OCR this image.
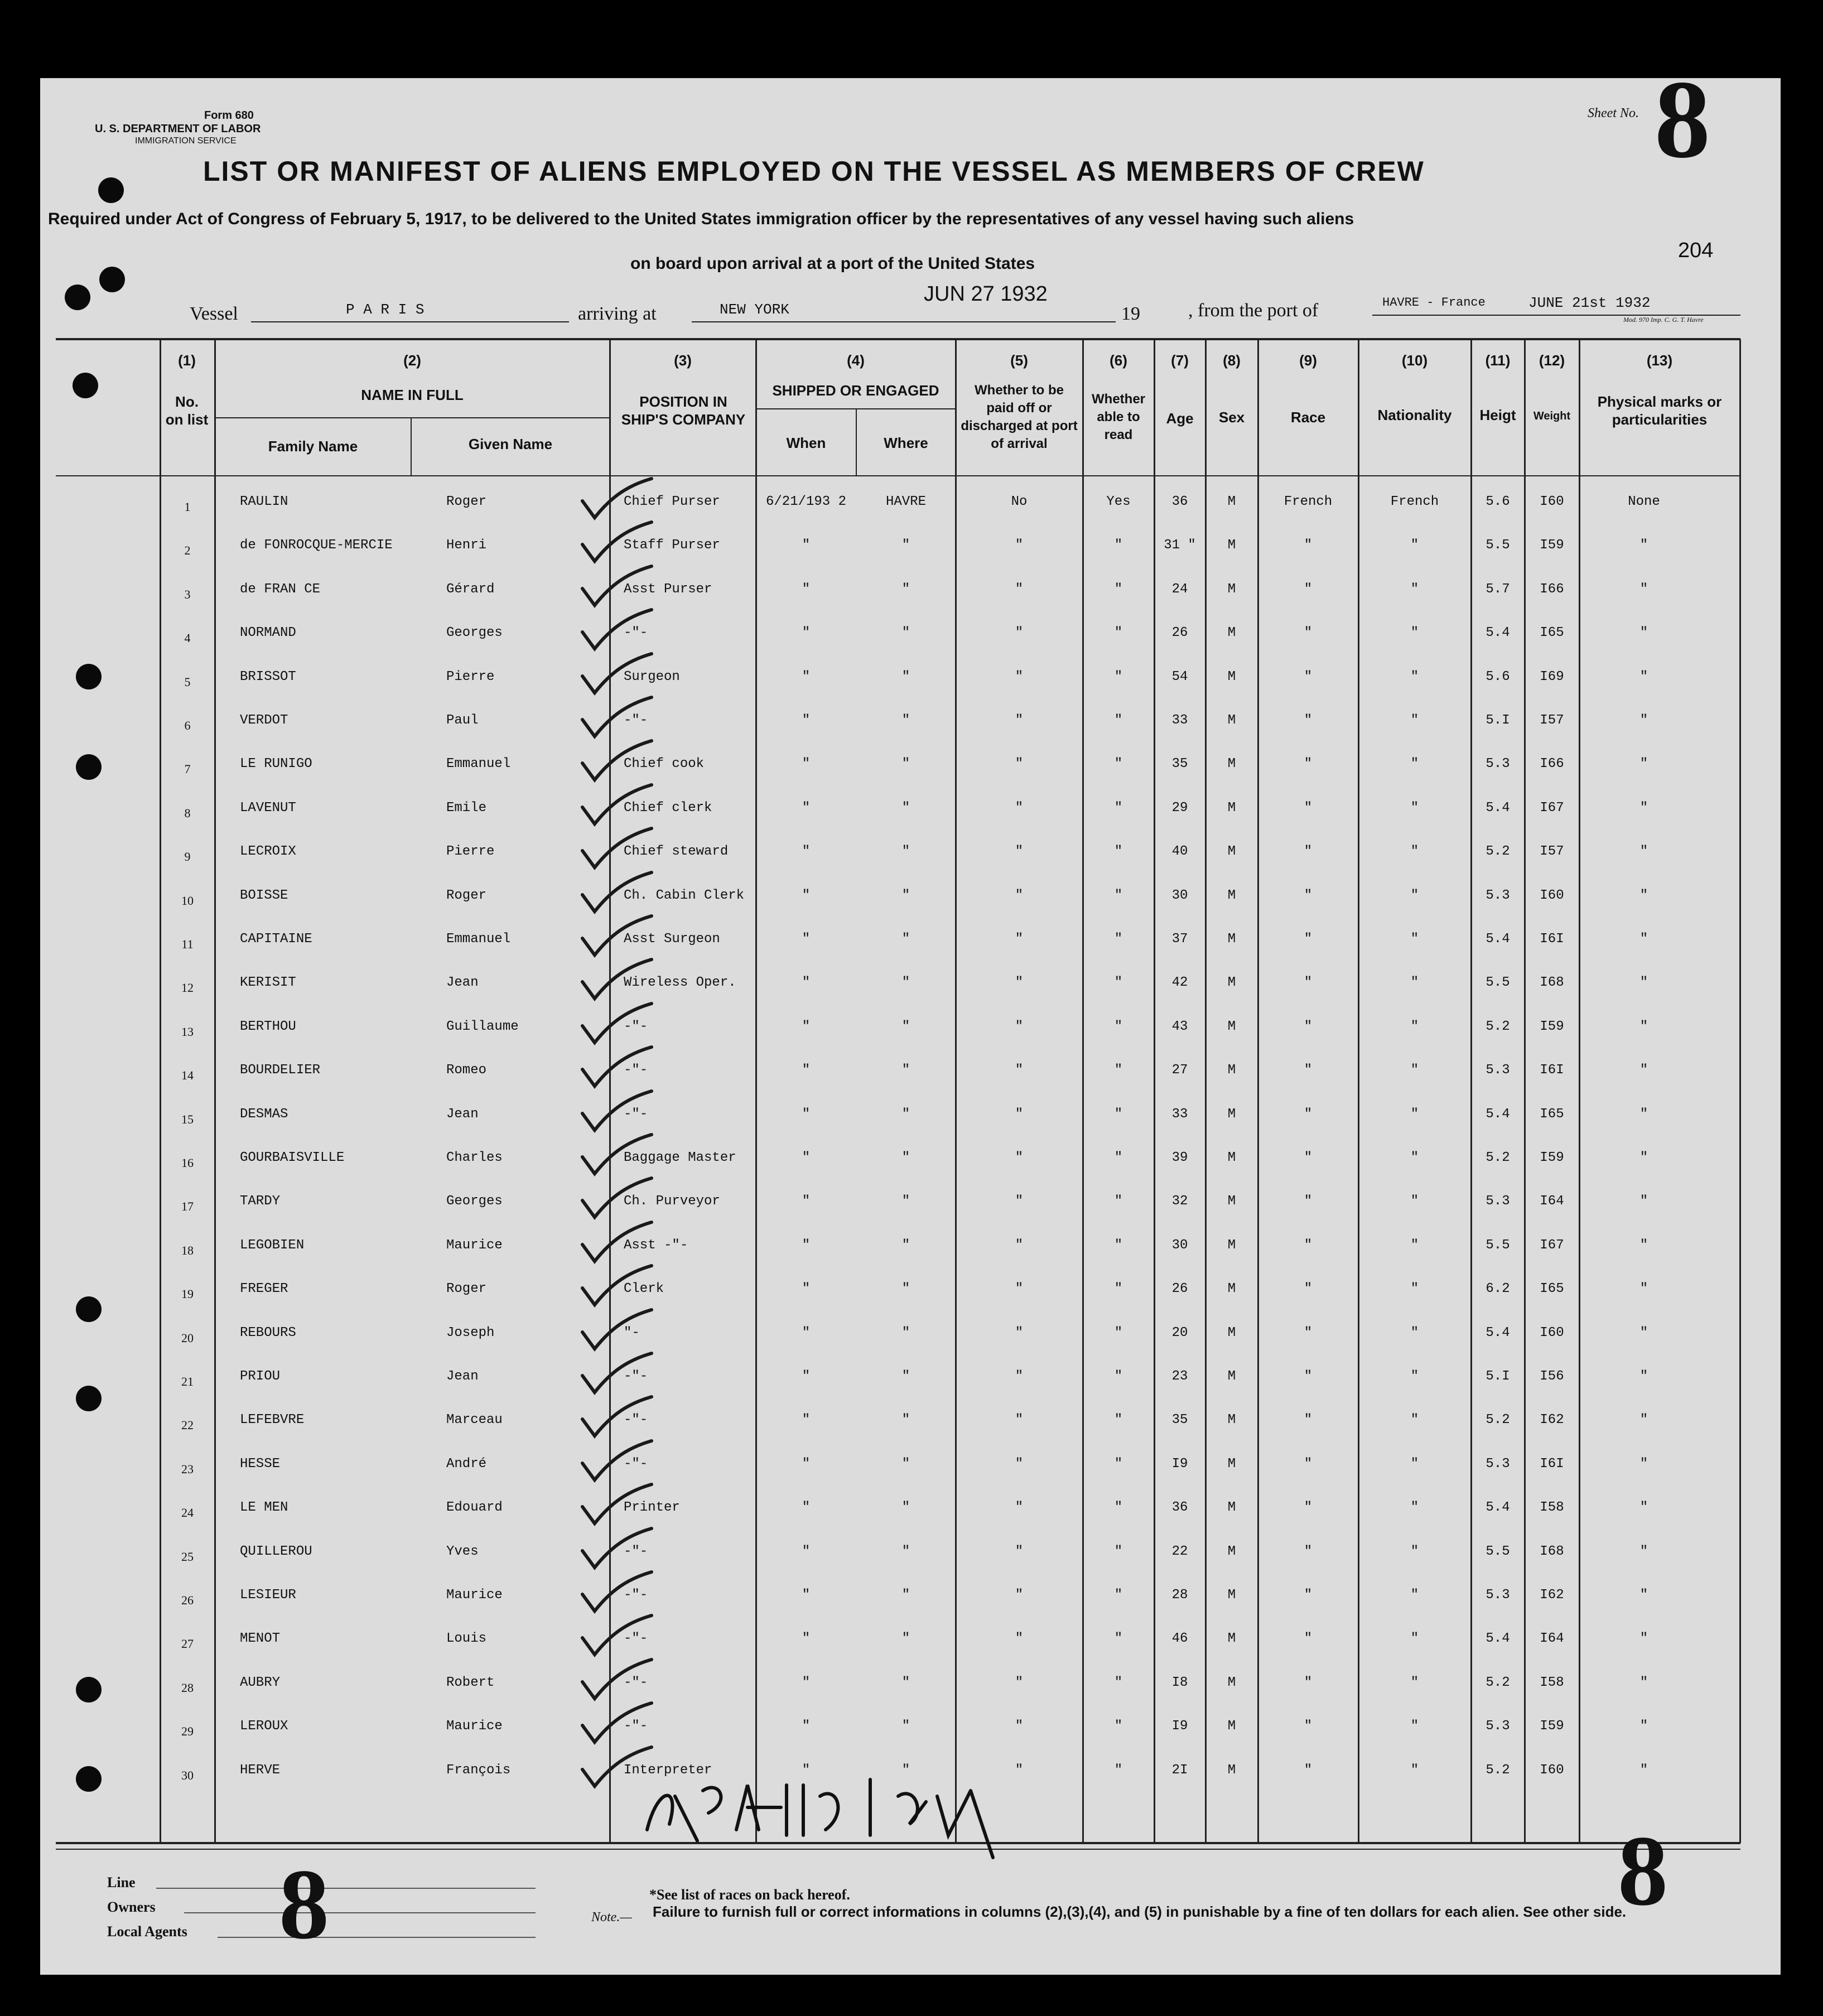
Form 680
U. S. DEPARTMENT OF LABOR
IMMIGRATION SERVICE
Sheet No. 8
LIST OR MANIFEST OF ALIENS EMPLOYED ON THE VESSEL AS MEMBERS OF CREW
Required under Act of Congress of February 5, 1917, to be delivered to the United States immigration officer by the representatives of any vessel having such aliens
on board upon arrival at a port of the United States
204
Vessel	P A R I S	arriving at	NEW YORK
JUN 27 1932
19	, from the port of	HAVRE - France	JUNE 21st 1932
Mod. 970 Imp. C. G. T. Havre
(1)
No. on list
(2)
NAME IN FULL
Family Name	Given Name
(3)
POSITION IN SHIP'S COMPANY
(4)
SHIPPED OR ENGAGED
When	Where
(5)
Whether to be paid off or discharged at port of arrival
(6)
Whether able to read
(7)
Age
(8)
Sex
(9)
Race
(10)
Nationality
(11)
Heigt
(12)
Weight
(13)
Physical marks or particularities
1	RAULIN	Roger	Chief Purser	6/21/193 2	HAVRE	No	Yes	36	M	French	French	5.6	I60	None
2	de FONROCQUE-MERCIE	Henri	Staff Purser	"	"	"	"	31 "	M	"	"	5.5	I59	"
3	de FRAN CE	Gérard	Asst Purser	"	"	"	"	24	M	"	"	5.7	I66	"
4	NORMAND	Georges	-"-	"	"	"	"	26	M	"	"	5.4	I65	"
5	BRISSOT	Pierre	Surgeon	"	"	"	"	54	M	"	"	5.6	I69	"
6	VERDOT	Paul	-"-	"	"	"	"	33	M	"	"	5.I	I57	"
7	LE RUNIGO	Emmanuel	Chief cook	"	"	"	"	35	M	"	"	5.3	I66	"
8	LAVENUT	Emile	Chief clerk	"	"	"	"	29	M	"	"	5.4	I67	"
9	LECROIX	Pierre	Chief steward	"	"	"	"	40	M	"	"	5.2	I57	"
10	BOISSE	Roger	Ch. Cabin Clerk	"	"	"	"	30	M	"	"	5.3	I60	"
11	CAPITAINE	Emmanuel	Asst Surgeon	"	"	"	"	37	M	"	"	5.4	I6I	"
12	KERISIT	Jean	Wireless Oper.	"	"	"	"	42	M	"	"	5.5	I68	"
13	BERTHOU	Guillaume	-"-	"	"	"	"	43	M	"	"	5.2	I59	"
14	BOURDELIER	Romeo	-"-	"	"	"	"	27	M	"	"	5.3	I6I	"
15	DESMAS	Jean	-"-	"	"	"	"	33	M	"	"	5.4	I65	"
16	GOURBAISVILLE	Charles	Baggage Master	"	"	"	"	39	M	"	"	5.2	I59	"
17	TARDY	Georges	Ch. Purveyor	"	"	"	"	32	M	"	"	5.3	I64	"
18	LEGOBIEN	Maurice	Asst -"-	"	"	"	"	30	M	"	"	5.5	I67	"
19	FREGER	Roger	Clerk	"	"	"	"	26	M	"	"	6.2	I65	"
20	REBOURS	Joseph	"-	"	"	"	"	20	M	"	"	5.4	I60	"
21	PRIOU	Jean	-"-	"	"	"	"	23	M	"	"	5.I	I56	"
22	LEFEBVRE	Marceau	-"-	"	"	"	"	35	M	"	"	5.2	I62	"
23	HESSE	André	-"-	"	"	"	"	I9	M	"	"	5.3	I6I	"
24	LE MEN	Edouard	Printer	"	"	"	"	36	M	"	"	5.4	I58	"
25	QUILLEROU	Yves	-"-	"	"	"	"	22	M	"	"	5.5	I68	"
26	LESIEUR	Maurice	-"-	"	"	"	"	28	M	"	"	5.3	I62	"
27	MENOT	Louis	-"-	"	"	"	"	46	M	"	"	5.4	I64	"
28	AUBRY	Robert	-"-	"	"	"	"	I8	M	"	"	5.2	I58	"
29	LEROUX	Maurice	-"-	"	"	"	"	I9	M	"	"	5.3	I59	"
30	HERVE	François	Interpreter	"	"	"	"	2I	M	"	"	5.2	I60	"
Line
Owners
Local Agents 8	8
*See list of races on back hereof.
Note.— Failure to furnish full or correct informations in columns (2),(3),(4), and (5) in punishable by a fine of ten dollars for each alien. See other side.
